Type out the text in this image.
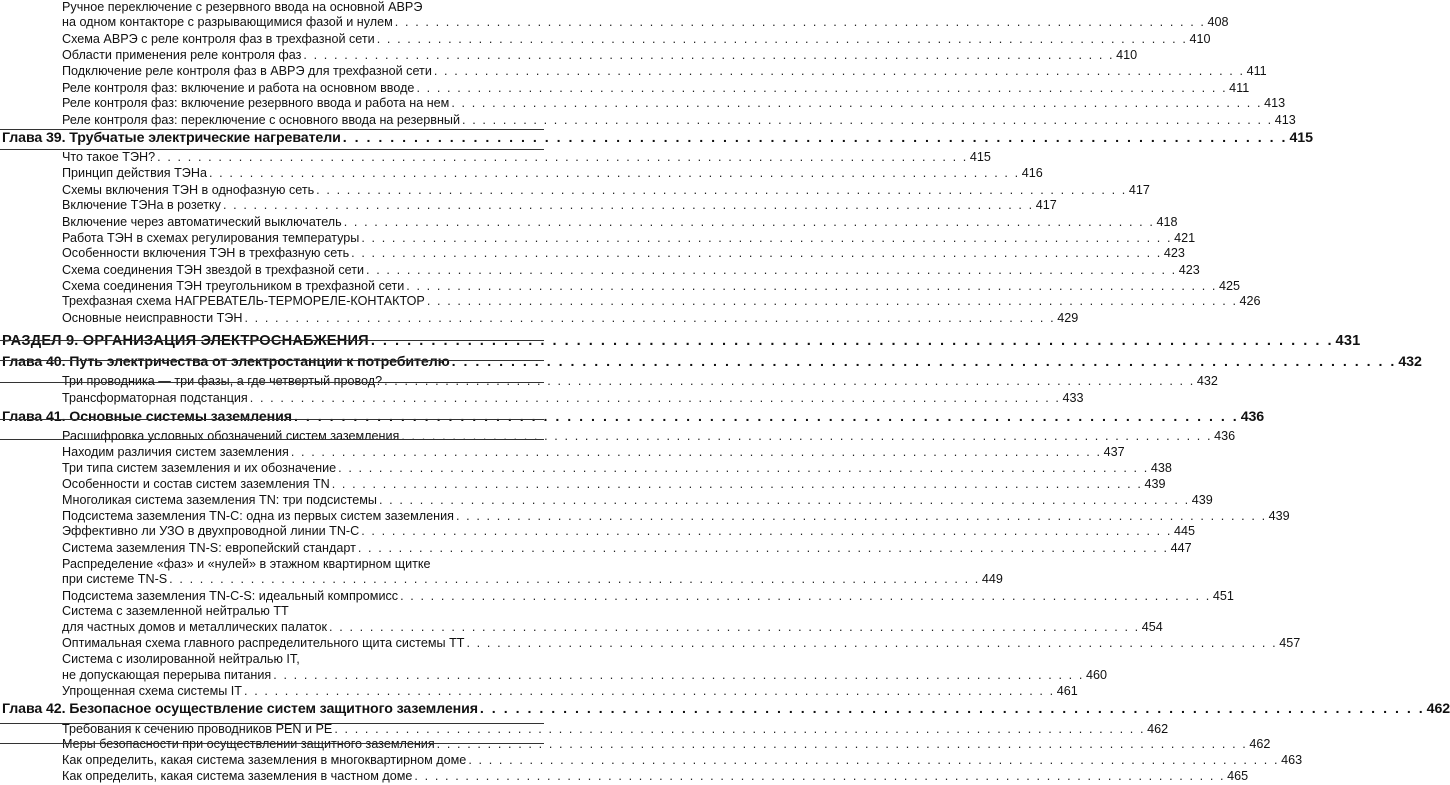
Ручное переключение с резервного ввода на основной АВРЭ
на одном контакторе с разрывающимися фазой и нулем . . . . . . . . . . . . . . . . . . . . . . . . . . . . . . . . . . . . . . . . . . . . . . . . . . . . . . . . . . . . . . . . . . . . . . . . . . . . . . . . 408
Схема АВРЭ с реле контроля фаз в трехфазной сети . . . . . . . . . . . . . . . . . . . . . . . . . . . . . . . . . . . . . . . . . . . . . . . . . . . . . . . . . . . . . . . . . . . . . . . . . . . . . . . . 410
Области применения реле контроля фаз . . . . . . . . . . . . . . . . . . . . . . . . . . . . . . . . . . . . . . . . . . . . . . . . . . . . . . . . . . . . . . . . . . . . . . . . . . . . . . . . 410
Подключение реле контроля фаз в АВРЭ для трехфазной сети . . . . . . . . . . . . . . . . . . . . . . . . . . . . . . . . . . . . . . . . . . . . . . . . . . . . . . . . . . . . . . . . . . . . . . . . . . . . . . . . 411
Реле контроля фаз: включение и работа на основном вводе . . . . . . . . . . . . . . . . . . . . . . . . . . . . . . . . . . . . . . . . . . . . . . . . . . . . . . . . . . . . . . . . . . . . . . . . . . . . . . . . 411
Реле контроля фаз: включение резервного ввода и работа на нем . . . . . . . . . . . . . . . . . . . . . . . . . . . . . . . . . . . . . . . . . . . . . . . . . . . . . . . . . . . . . . . . . . . . . . . . . . . . . . . . 413
Реле контроля фаз: переключение с основного ввода на резервный . . . . . . . . . . . . . . . . . . . . . . . . . . . . . . . . . . . . . . . . . . . . . . . . . . . . . . . . . . . . . . . . . . . . . . . . . . . . . . . . 413
Глава 39. Трубчатые электрические нагреватели . . . . . . . . . . . . . . . . . . . . . . . . . . . . . . . . . . . . . . . . . . . . . . . . . . . . . . . . . . . . . . . . . . . . . . . . . . . . . . . . 415
Что такое ТЭН? . . . . . . . . . . . . . . . . . . . . . . . . . . . . . . . . . . . . . . . . . . . . . . . . . . . . . . . . . . . . . . . . . . . . . . . . . . . . . . . . 415
Принцип действия ТЭНа . . . . . . . . . . . . . . . . . . . . . . . . . . . . . . . . . . . . . . . . . . . . . . . . . . . . . . . . . . . . . . . . . . . . . . . . . . . . . . . . 416
Схемы включения ТЭН в однофазную сеть . . . . . . . . . . . . . . . . . . . . . . . . . . . . . . . . . . . . . . . . . . . . . . . . . . . . . . . . . . . . . . . . . . . . . . . . . . . . . . . . 417
Включение ТЭНа в розетку . . . . . . . . . . . . . . . . . . . . . . . . . . . . . . . . . . . . . . . . . . . . . . . . . . . . . . . . . . . . . . . . . . . . . . . . . . . . . . . . 417
Включение через автоматический выключатель . . . . . . . . . . . . . . . . . . . . . . . . . . . . . . . . . . . . . . . . . . . . . . . . . . . . . . . . . . . . . . . . . . . . . . . . . . . . . . . . 418
Работа ТЭН в схемах регулирования температуры . . . . . . . . . . . . . . . . . . . . . . . . . . . . . . . . . . . . . . . . . . . . . . . . . . . . . . . . . . . . . . . . . . . . . . . . . . . . . . . . 421
Особенности включения ТЭН в трехфазную сеть . . . . . . . . . . . . . . . . . . . . . . . . . . . . . . . . . . . . . . . . . . . . . . . . . . . . . . . . . . . . . . . . . . . . . . . . . . . . . . . . 423
Схема соединения ТЭН звездой в трехфазной сети . . . . . . . . . . . . . . . . . . . . . . . . . . . . . . . . . . . . . . . . . . . . . . . . . . . . . . . . . . . . . . . . . . . . . . . . . . . . . . . . 423
Схема соединения ТЭН треугольником в трехфазной сети . . . . . . . . . . . . . . . . . . . . . . . . . . . . . . . . . . . . . . . . . . . . . . . . . . . . . . . . . . . . . . . . . . . . . . . . . . . . . . . . 425
Трехфазная схема НАГРЕВАТЕЛЬ-ТЕРМОРЕЛЕ-КОНТАКТОР . . . . . . . . . . . . . . . . . . . . . . . . . . . . . . . . . . . . . . . . . . . . . . . . . . . . . . . . . . . . . . . . . . . . . . . . . . . . . . . . 426
Основные неисправности ТЭН . . . . . . . . . . . . . . . . . . . . . . . . . . . . . . . . . . . . . . . . . . . . . . . . . . . . . . . . . . . . . . . . . . . . . . . . . . . . . . . . 429
РАЗДЕЛ 9. ОРГАНИЗАЦИЯ ЭЛЕКТРОСНАБЖЕНИЯ . . . . . . . . . . . . . . . . . . . . . . . . . . . . . . . . . . . . . . . . . . . . . . . . . . . . . . . . . . . . . . . . . . . . . . . . . . . . . . . . 431
Глава 40. Путь электричества от электростанции к потребителю . . . . . . . . . . . . . . . . . . . . . . . . . . . . . . . . . . . . . . . . . . . . . . . . . . . . . . . . . . . . . . . . . . . . . . . . . . . . . . . . 432
Три проводника — три фазы, а где четвертый провод? . . . . . . . . . . . . . . . . . . . . . . . . . . . . . . . . . . . . . . . . . . . . . . . . . . . . . . . . . . . . . . . . . . . . . . . . . . . . . . . . 432
Трансформаторная подстанция . . . . . . . . . . . . . . . . . . . . . . . . . . . . . . . . . . . . . . . . . . . . . . . . . . . . . . . . . . . . . . . . . . . . . . . . . . . . . . . . 433
Глава 41. Основные системы заземления . . . . . . . . . . . . . . . . . . . . . . . . . . . . . . . . . . . . . . . . . . . . . . . . . . . . . . . . . . . . . . . . . . . . . . . . . . . . . . . . 436
Расшифровка условных обозначений систем заземления . . . . . . . . . . . . . . . . . . . . . . . . . . . . . . . . . . . . . . . . . . . . . . . . . . . . . . . . . . . . . . . . . . . . . . . . . . . . . . . . 436
Находим различия систем заземления . . . . . . . . . . . . . . . . . . . . . . . . . . . . . . . . . . . . . . . . . . . . . . . . . . . . . . . . . . . . . . . . . . . . . . . . . . . . . . . . 437
Три типа систем заземления и их обозначение . . . . . . . . . . . . . . . . . . . . . . . . . . . . . . . . . . . . . . . . . . . . . . . . . . . . . . . . . . . . . . . . . . . . . . . . . . . . . . . . 438
Особенности и состав систем заземления TN . . . . . . . . . . . . . . . . . . . . . . . . . . . . . . . . . . . . . . . . . . . . . . . . . . . . . . . . . . . . . . . . . . . . . . . . . . . . . . . . 439
Многоликая система заземления TN: три подсистемы . . . . . . . . . . . . . . . . . . . . . . . . . . . . . . . . . . . . . . . . . . . . . . . . . . . . . . . . . . . . . . . . . . . . . . . . . . . . . . . . 439
Подсистема заземления TN-C: одна из первых систем заземления . . . . . . . . . . . . . . . . . . . . . . . . . . . . . . . . . . . . . . . . . . . . . . . . . . . . . . . . . . . . . . . . . . . . . . . . . . . . . . . . 439
Эффективно ли УЗО в двухпроводной линии TN-C . . . . . . . . . . . . . . . . . . . . . . . . . . . . . . . . . . . . . . . . . . . . . . . . . . . . . . . . . . . . . . . . . . . . . . . . . . . . . . . . 445
Система заземления TN-S: европейский стандарт . . . . . . . . . . . . . . . . . . . . . . . . . . . . . . . . . . . . . . . . . . . . . . . . . . . . . . . . . . . . . . . . . . . . . . . . . . . . . . . . 447
Распределение «фаз» и «нулей» в этажном квартирном щитке
при системе TN-S . . . . . . . . . . . . . . . . . . . . . . . . . . . . . . . . . . . . . . . . . . . . . . . . . . . . . . . . . . . . . . . . . . . . . . . . . . . . . . . . 449
Подсистема заземления TN-C-S: идеальный компромисс . . . . . . . . . . . . . . . . . . . . . . . . . . . . . . . . . . . . . . . . . . . . . . . . . . . . . . . . . . . . . . . . . . . . . . . . . . . . . . . . 451
Система с заземленной нейтралью TT
для частных домов и металлических палаток . . . . . . . . . . . . . . . . . . . . . . . . . . . . . . . . . . . . . . . . . . . . . . . . . . . . . . . . . . . . . . . . . . . . . . . . . . . . . . . . 454
Оптимальная схема главного распределительного щита системы TT . . . . . . . . . . . . . . . . . . . . . . . . . . . . . . . . . . . . . . . . . . . . . . . . . . . . . . . . . . . . . . . . . . . . . . . . . . . . . . . . 457
Система с изолированной нейтралью IT,
не допускающая перерыва питания . . . . . . . . . . . . . . . . . . . . . . . . . . . . . . . . . . . . . . . . . . . . . . . . . . . . . . . . . . . . . . . . . . . . . . . . . . . . . . . . 460
Упрощенная схема системы IT . . . . . . . . . . . . . . . . . . . . . . . . . . . . . . . . . . . . . . . . . . . . . . . . . . . . . . . . . . . . . . . . . . . . . . . . . . . . . . . . 461
Глава 42. Безопасное осуществление систем защитного заземления . . . . . . . . . . . . . . . . . . . . . . . . . . . . . . . . . . . . . . . . . . . . . . . . . . . . . . . . . . . . . . . . . . . . . . . . . . . . . . . . 462
Требования к сечению проводников PEN и PE . . . . . . . . . . . . . . . . . . . . . . . . . . . . . . . . . . . . . . . . . . . . . . . . . . . . . . . . . . . . . . . . . . . . . . . . . . . . . . . . 462
Меры безопасности при осуществлении защитного заземления . . . . . . . . . . . . . . . . . . . . . . . . . . . . . . . . . . . . . . . . . . . . . . . . . . . . . . . . . . . . . . . . . . . . . . . . . . . . . . . . 462
Как определить, какая система заземления в многоквартирном доме . . . . . . . . . . . . . . . . . . . . . . . . . . . . . . . . . . . . . . . . . . . . . . . . . . . . . . . . . . . . . . . . . . . . . . . . . . . . . . . . 463
Как определить, какая система заземления в частном доме . . . . . . . . . . . . . . . . . . . . . . . . . . . . . . . . . . . . . . . . . . . . . . . . . . . . . . . . . . . . . . . . . . . . . . . . . . . . . . . . 465
